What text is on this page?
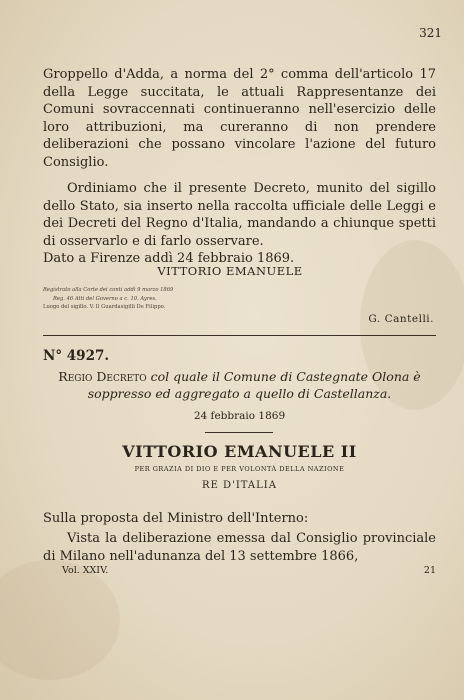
321
Groppello d'Adda, a norma del 2° comma dell'articolo 17 della Legge succitata, le attuali Rappresentanze dei Comuni sovraccennati continueranno nell'esercizio delle loro attribuzioni, ma cureranno di non prendere deliberazioni che possano vincolare l'azione del futuro Consiglio.
Ordiniamo che il presente Decreto, munito del sigillo dello Stato, sia inserto nella raccolta ufficiale delle Leggi e dei Decreti del Regno d'Italia, mandando a chiunque spetti di osservarlo e di farlo osservare.
Dato a Firenze addì 24 febbraio 1869.
VITTORIO EMANUELE
Registrato alla Corte dei conti addì 9 marzo 1869
Reg. 46 Atti del Governo a c. 10. Ayres.
Luogo del sigillo. V. Il Guardasigilli De Filippo.
G. Cantelli.
N° 4927.
Regio Decreto col quale il Comune di Castegnate Olona è soppresso ed aggregato a quello di Castellanza.
24 febbraio 1869
VITTORIO EMANUELE II
PER GRAZIA DI DIO E PER VOLONTÀ DELLA NAZIONE
RE D'ITALIA

Sulla proposta del Ministro dell'Interno:

Vista la deliberazione emessa dal Consiglio provinciale di Milano nell'adunanza del 13 settembre 1866,
Vol. XXIV.	21
